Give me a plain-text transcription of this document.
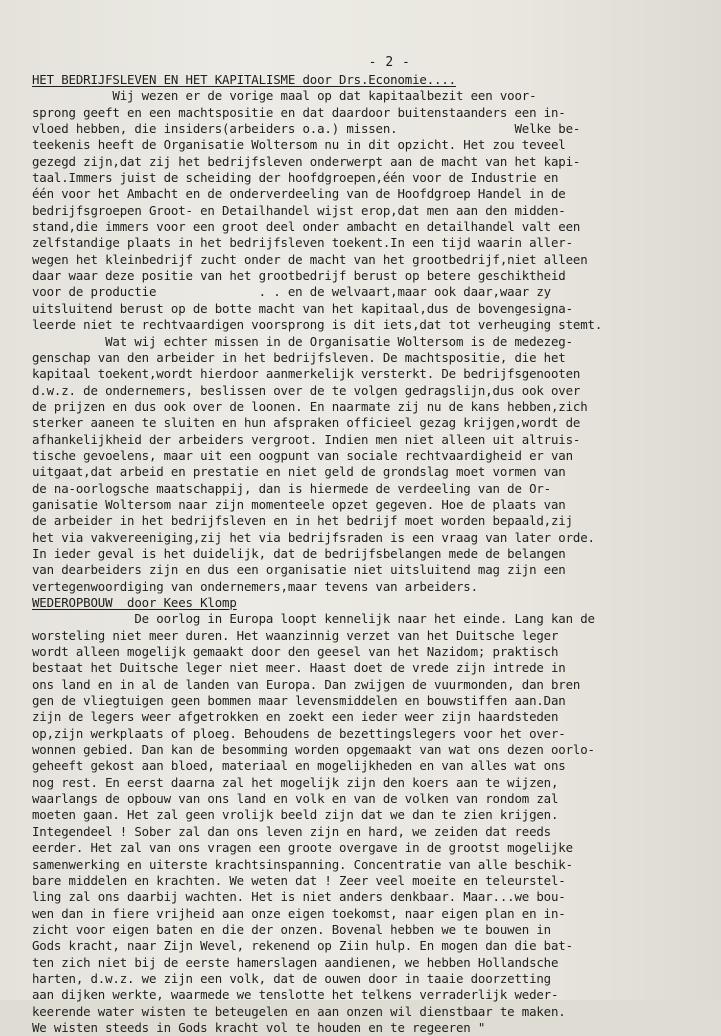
- 2 -
HET BEDRIJFSLEVEN EN HET KAPITALISME door Drs.Economie....
Wij wezen er de vorige maal op dat kapitaalbezit een voor-
sprong geeft en een machtspositie en dat daardoor buitenstaanders een in-
vloed hebben, die insiders(arbeiders o.a.) missen.                Welke be-
teekenis heeft de Organisatie Woltersom nu in dit opzicht. Het zou teveel
gezegd zijn,dat zij het bedrijfsleven onderwerpt aan de macht van het kapi-
taal.Immers juist de scheiding der hoofdgroepen,één voor de Industrie en
één voor het Ambacht en de onderverdeeling van de Hoofdgroep Handel in de
bedrijfsgroepen Groot- en Detailhandel wijst erop,dat men aan den midden-
stand,die immers voor een groot deel onder ambacht en detailhandel valt een
zelfstandige plaats in het bedrijfsleven toekent.In een tijd waarin aller-
wegen het kleinbedrijf zucht onder de macht van het grootbedrijf,niet alleen
daar waar deze positie van het grootbedrijf berust op betere geschiktheid
voor de productie              . . en de welvaart,maar ook daar,waar zy
uitsluitend berust op de botte macht van het kapitaal,dus de bovengesigna-
leerde niet te rechtvaardigen voorsprong is dit iets,dat tot verheuging stemt.
Wat wij echter missen in de Organisatie Woltersom is de medezeg-
genschap van den arbeider in het bedrijfsleven. De machtspositie, die het
kapitaal toekent,wordt hierdoor aanmerkelijk versterkt. De bedrijfsgenooten
d.w.z. de ondernemers, beslissen over de te volgen gedragslijn,dus ook over
de prijzen en dus ook over de loonen. En naarmate zij nu de kans hebben,zich
sterker aaneen te sluiten en hun afspraken officieel gezag krijgen,wordt de
afhankelijkheid der arbeiders vergroot. Indien men niet alleen uit altruis-
tische gevoelens, maar uit een oogpunt van sociale rechtvaardigheid er van
uitgaat,dat arbeid en prestatie en niet geld de grondslag moet vormen van
de na-oorlogsche maatschappij, dan is hiermede de verdeeling van de Or-
ganisatie Woltersom naar zijn momenteele opzet gegeven. Hoe de plaats van
de arbeider in het bedrijfsleven en in het bedrijf moet worden bepaald,zij
het via vakvereeniging,zij het via bedrijfsraden is een vraag van later orde.
In ieder geval is het duidelijk, dat de bedrijfsbelangen mede de belangen
van dearbeiders zijn en dus een organisatie niet uitsluitend mag zijn een
vertegenwoordiging van ondernemers,maar tevens van arbeiders.
WEDEROPBOUW  door Kees Klomp
De oorlog in Europa loopt kennelijk naar het einde. Lang kan de
worsteling niet meer duren. Het waanzinnig verzet van het Duitsche leger
wordt alleen mogelijk gemaakt door den geesel van het Nazidom; praktisch
bestaat het Duitsche leger niet meer. Haast doet de vrede zijn intrede in
ons land en in al de landen van Europa. Dan zwijgen de vuurmonden, dan bren
gen de vliegtuigen geen bommen maar levensmiddelen en bouwstiffen aan.Dan
zijn de legers weer afgetrokken en zoekt een ieder weer zijn haardsteden
op,zijn werkplaats of ploeg. Behoudens de bezettingslegers voor het over-
wonnen gebied. Dan kan de besomming worden opgemaakt van wat ons dezen oorlo-
geheeft gekost aan bloed, materiaal en mogelijkheden en van alles wat ons
nog rest. En eerst daarna zal het mogelijk zijn den koers aan te wijzen,
waarlangs de opbouw van ons land en volk en van de volken van rondom zal
moeten gaan. Het zal geen vrolijk beeld zijn dat we dan te zien krijgen.
Integendeel ! Sober zal dan ons leven zijn en hard, we zeiden dat reeds
eerder. Het zal van ons vragen een groote overgave in de grootst mogelijke
samenwerking en uiterste krachtsinspanning. Concentratie van alle beschik-
bare middelen en krachten. We weten dat ! Zeer veel moeite en teleurstel-
ling zal ons daarbij wachten. Het is niet anders denkbaar. Maar...we bou-
wen dan in fiere vrijheid aan onze eigen toekomst, naar eigen plan en in-
zicht voor eigen baten en die der onzen. Bovenal hebben we te bouwen in
Gods kracht, naar Zijn Wevel, rekenend op Ziin hulp. En mogen dan die bat-
ten zich niet bij de eerste hamerslagen aandienen, we hebben Hollandsche
harten, d.w.z. we zijn een volk, dat de ouwen door in taaie doorzetting
aan dijken werkte, waarmede we tenslotte het telkens verraderlijk weder-
keerende water wisten te beteugelen en aan onzen wil dienstbaar te maken.
We wisten steeds in Gods kracht vol te houden en te regeeren "
